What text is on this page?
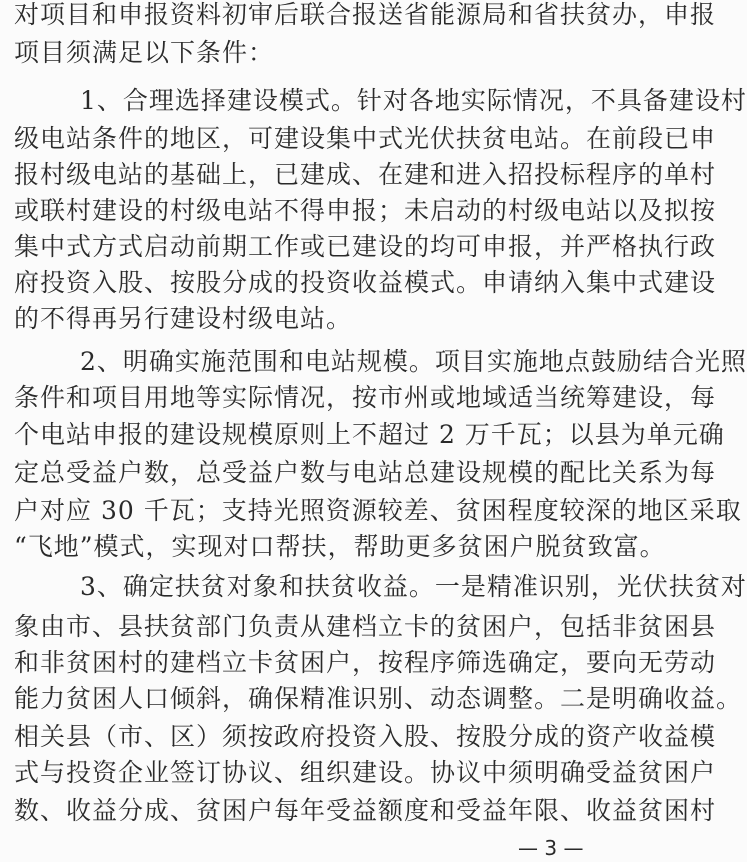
对项目和申报资料初审后联合报送省能源局和省扶贫办，申报
项目须满足以下条件：
1、合理选择建设模式。针对各地实际情况，不具备建设村
级电站条件的地区，可建设集中式光伏扶贫电站。在前段已申
报村级电站的基础上，已建成、在建和进入招投标程序的单村
或联村建设的村级电站不得申报；未启动的村级电站以及拟按
集中式方式启动前期工作或已建设的均可申报，并严格执行政
府投资入股、按股分成的投资收益模式。申请纳入集中式建设
的不得再另行建设村级电站。
2、明确实施范围和电站规模。项目实施地点鼓励结合光照
条件和项目用地等实际情况，按市州或地域适当统筹建设，每
个电站申报的建设规模原则上不超过 2 万千瓦；以县为单元确
定总受益户数，总受益户数与电站总建设规模的配比关系为每
户对应 30 千瓦；支持光照资源较差、贫困程度较深的地区采取
“飞地”模式，实现对口帮扶，帮助更多贫困户脱贫致富。
3、确定扶贫对象和扶贫收益。一是精准识别，光伏扶贫对
象由市、县扶贫部门负责从建档立卡的贫困户，包括非贫困县
和非贫困村的建档立卡贫困户，按程序筛选确定，要向无劳动
能力贫困人口倾斜，确保精准识别、动态调整。二是明确收益。
相关县（市、区）须按政府投资入股、按股分成的资产收益模
式与投资企业签订协议、组织建设。协议中须明确受益贫困户
数、收益分成、贫困户每年受益额度和受益年限、收益贫困村
— 3 —
